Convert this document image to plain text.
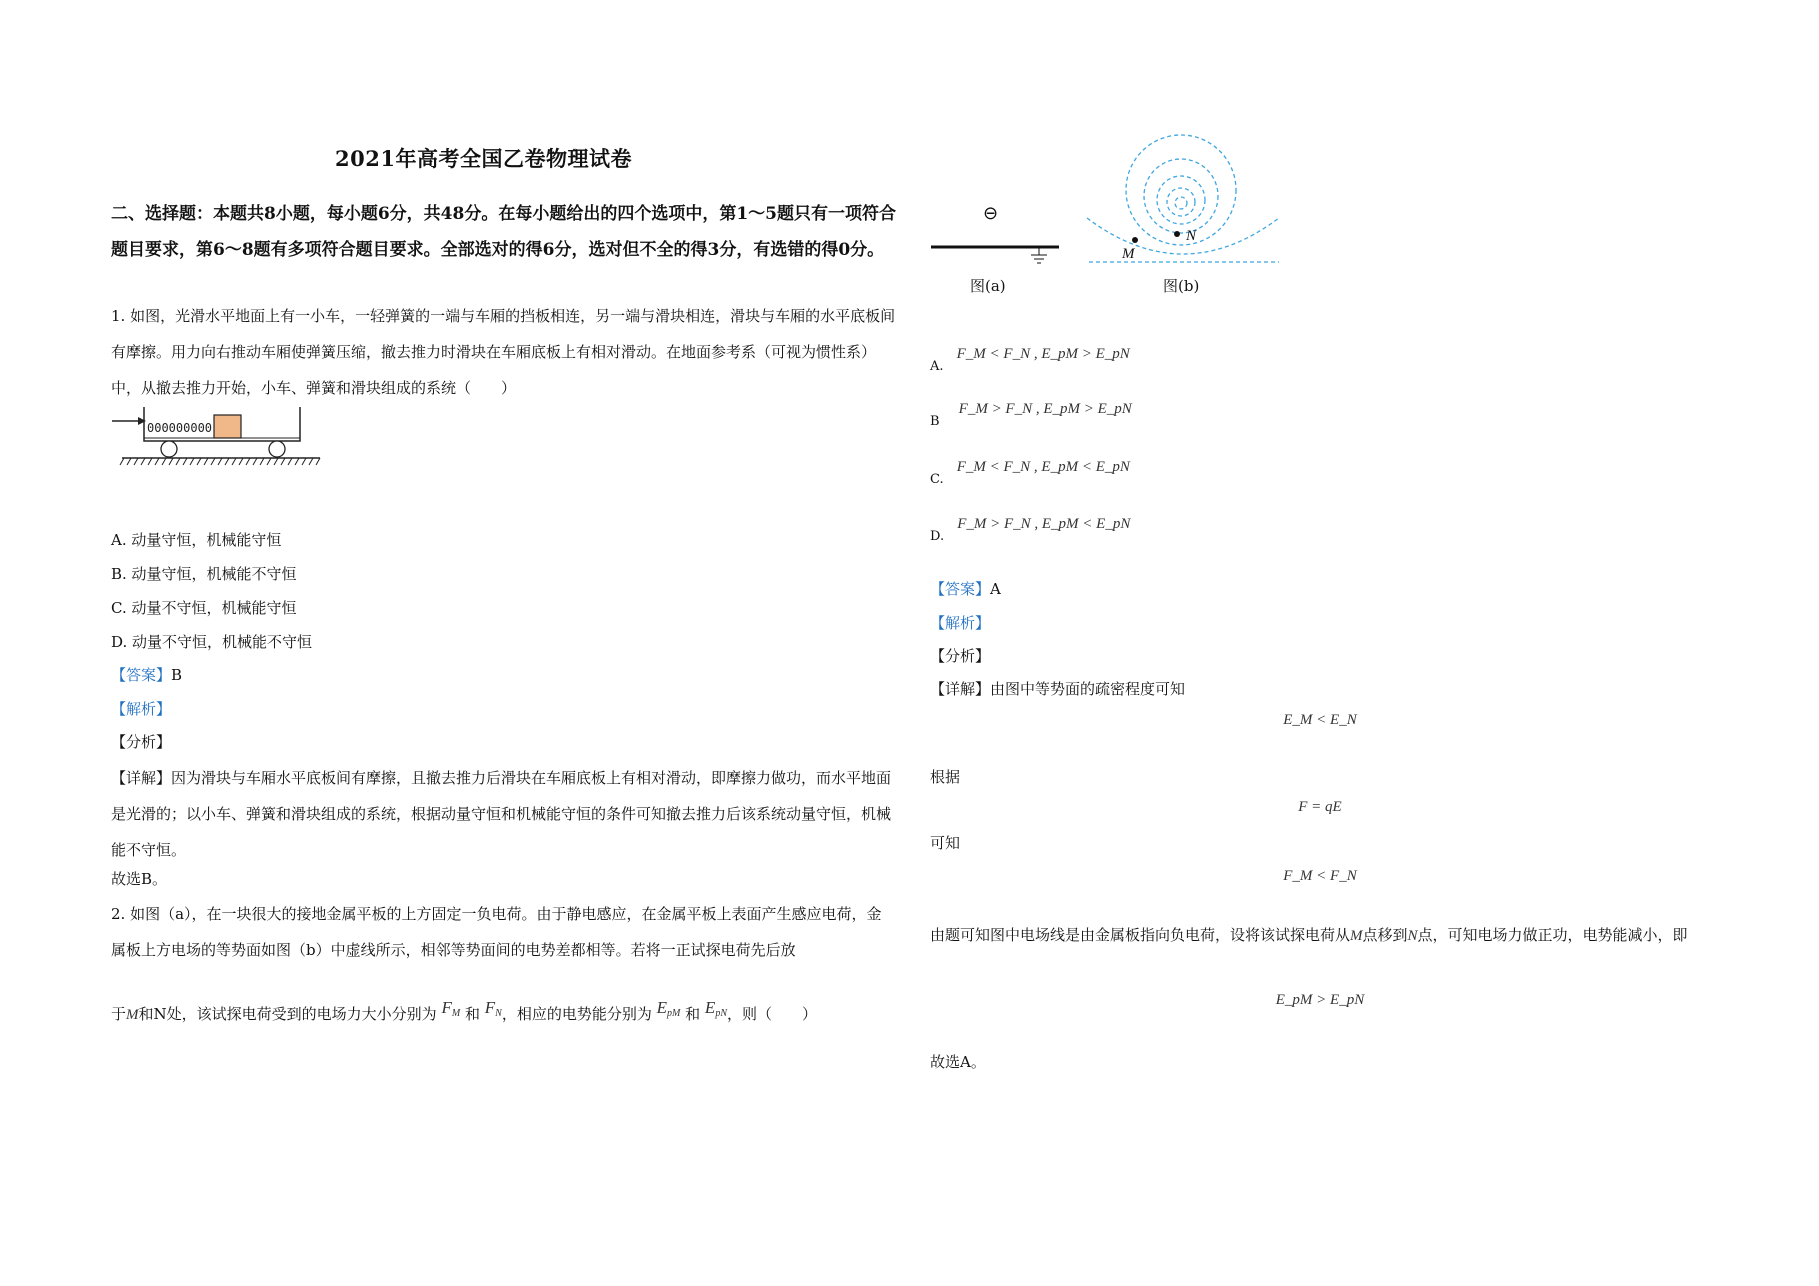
2021年高考全国乙卷物理试卷
二、选择题：本题共8小题，每小题6分，共48分。在每小题给出的四个选项中，第1～5题只有一项符合题目要求，第6～8题有多项符合题目要求。全部选对的得6分，选对但不全的得3分，有选错的得0分。
1. 如图，光滑水平地面上有一小车，一轻弹簧的一端与车厢的挡板相连，另一端与滑块相连，滑块与车厢的水平底板间有摩擦。用力向右推动车厢使弹簧压缩，撤去推力时滑块在车厢底板上有相对滑动。在地面参考系（可视为惯性系）中，从撤去推力开始，小车、弹簧和滑块组成的系统（　　）
000000000
A. 动量守恒，机械能守恒
B. 动量守恒，机械能不守恒
C. 动量不守恒，机械能守恒
D. 动量不守恒，机械能不守恒
【答案】B
【解析】
【分析】
【详解】因为滑块与车厢水平底板间有摩擦，且撤去推力后滑块在车厢底板上有相对滑动，即摩擦力做功，而水平地面是光滑的；以小车、弹簧和滑块组成的系统，根据动量守恒和机械能守恒的条件可知撤去推力后该系统动量守恒，机械能不守恒。
故选B。
2. 如图（a），在一块很大的接地金属平板的上方固定一负电荷。由于静电感应，在金属平板上表面产生感应电荷，金属板上方电场的等势面如图（b）中虚线所示，相邻等势面间的电势差都相等。若将一正试探电荷先后放
于M和N处，该试探电荷受到的电场力大小分别为 $F_M$ 和 $F_N$，相应的电势能分别为 $E_{pM}$ 和 $E_{pN}$，则（　　）
⊖
图(a)
M
N
图(b)
A. F_M < F_N , E_pM > E_pN
B F_M > F_N , E_pM > E_pN
C. F_M < F_N , E_pM < E_pN
D. F_M > F_N , E_pM < E_pN
【答案】A
【解析】
【分析】
【详解】由图中等势面的疏密程度可知
E_M < E_N
根据
F = qE
可知
F_M < F_N
由题可知图中电场线是由金属板指向负电荷，设将该试探电荷从M点移到N点，可知电场力做正功，电势能减小，即
E_pM > E_pN
故选A。
